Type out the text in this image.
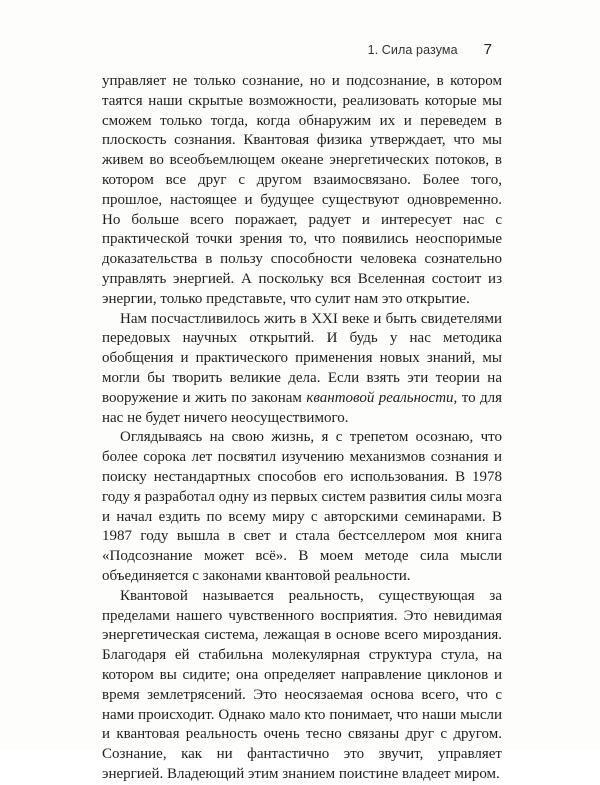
1. Сила разума 7

управляет не только сознание, но и подсознание, в котором таятся наши скрытые возможности, реализовать которые мы сможем только тогда, когда обнаружим их и переведем в плоскость сознания. Квантовая физика утверждает, что мы живем во всеобъемлющем океане энергетических потоков, в котором все друг с другом взаимосвязано. Более того, прошлое, настоящее и будущее существуют одновременно. Но больше всего поражает, радует и интересует нас с практической точки зрения то, что появились неоспоримые доказательства в пользу способности человека сознательно управлять энергией. А поскольку вся Вселенная состоит из энергии, только представьте, что сулит нам это открытие.

Нам посчастливилось жить в XXI веке и быть свидетелями передовых научных открытий. И будь у нас методика обобщения и практического применения новых знаний, мы могли бы творить великие дела. Если взять эти теории на вооружение и жить по законам квантовой реальности, то для нас не будет ничего неосуществимого.

Оглядываясь на свою жизнь, я с трепетом осознаю, что более сорока лет посвятил изучению механизмов сознания и поиску нестандартных способов его использования. В 1978 году я разработал одну из первых систем развития силы мозга и начал ездить по всему миру с авторскими семинарами. В 1987 году вышла в свет и стала бестселлером моя книга «Подсознание может всё». В моем методе сила мысли объединяется с законами квантовой реальности.

Квантовой называется реальность, существующая за пределами нашего чувственного восприятия. Это невидимая энергетическая система, лежащая в основе всего мироздания. Благодаря ей стабильна молекулярная структура стула, на котором вы сидите; она определяет направление циклонов и время землетрясений. Это неосязаемая основа всего, что с нами происходит. Однако мало кто понимает, что наши мысли и квантовая реальность очень тесно связаны друг с другом. Сознание, как ни фантастично это звучит, управляет энергией. Владеющий этим знанием поистине владеет миром.
